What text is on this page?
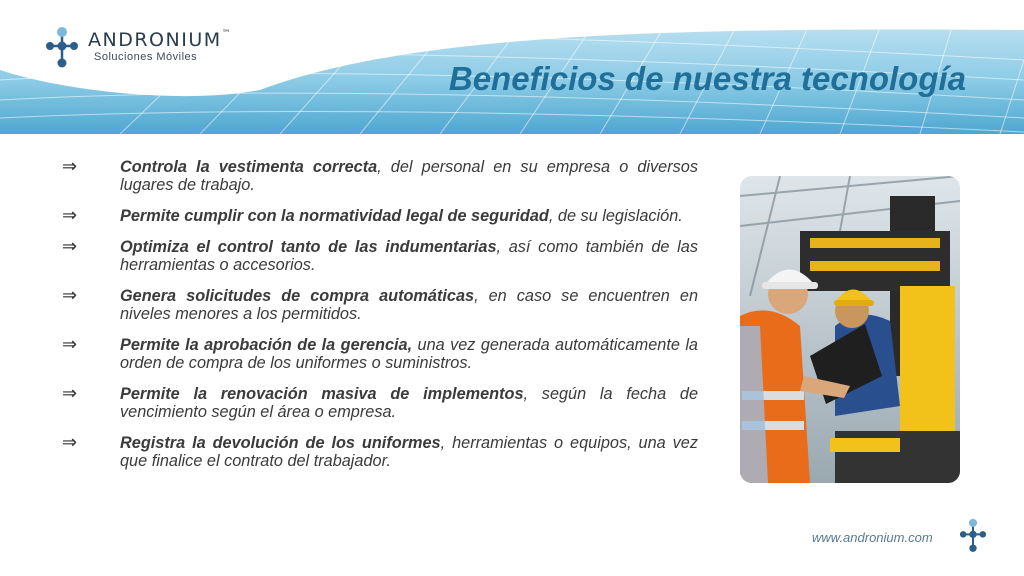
ANDRONIUM™
Soluciones Móviles
Beneficios de nuestra tecnología
⇒	Controla la vestimenta correcta, del personal en su empresa o diversos lugares de trabajo.
⇒	Permite cumplir con la normatividad legal de seguridad, de su legislación.
⇒	Optimiza el control tanto de las indumentarias, así como también de las herramientas o accesorios.
⇒	Genera solicitudes de compra automáticas, en caso se encuentren en niveles menores a los permitidos.
⇒	Permite la aprobación de la gerencia, una vez generada automáticamente la orden de compra de los uniformes o suministros.
⇒	Permite la renovación masiva de implementos, según la fecha de vencimiento según el área o empresa.
⇒	Registra la devolución de los uniformes, herramientas o equipos, una vez que finalice el contrato del trabajador.
www.andronium.com
